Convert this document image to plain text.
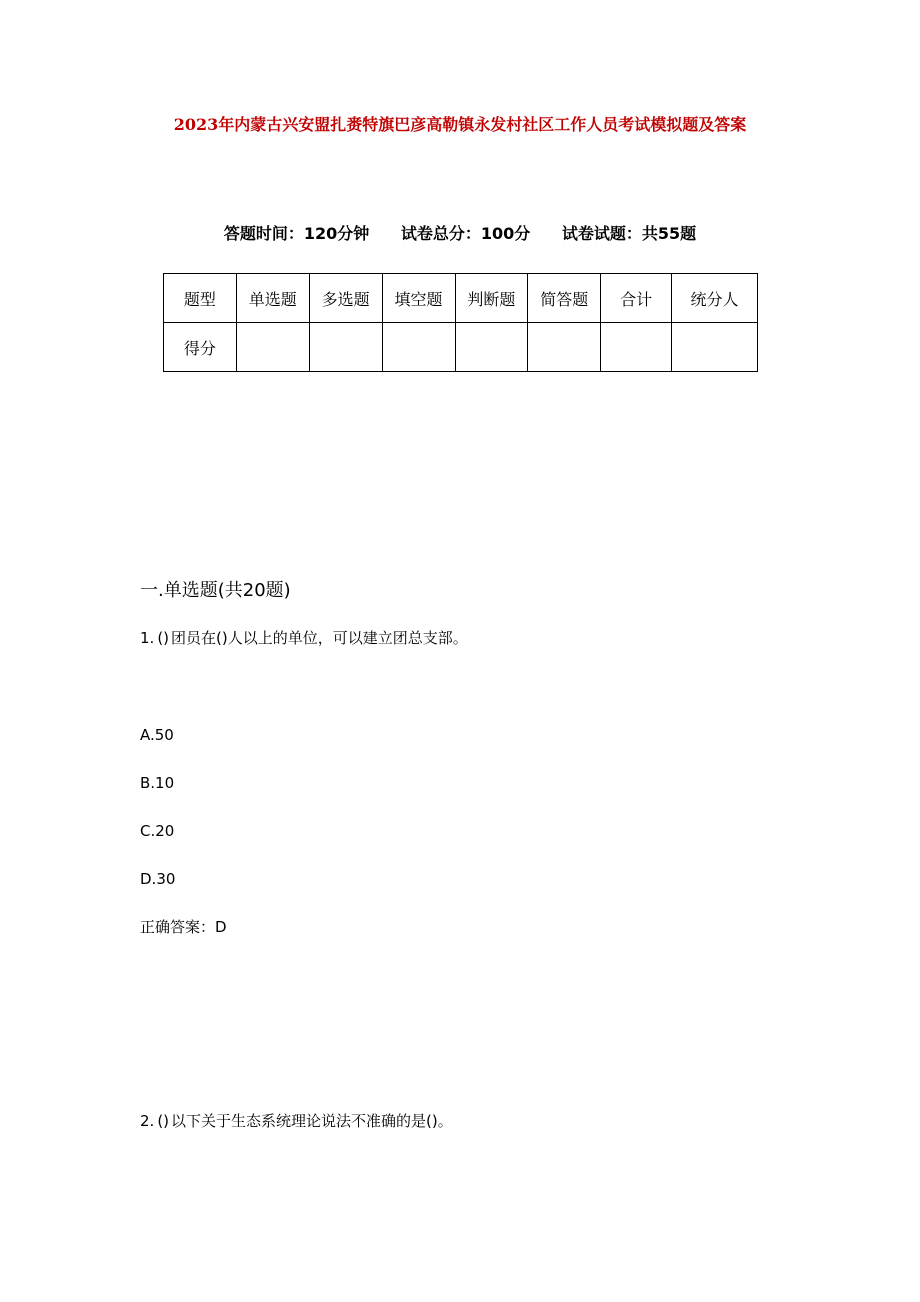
2023年内蒙古兴安盟扎赉特旗巴彦高勒镇永发村社区工作人员考试模拟题及答案
答题时间：120分钟 试卷总分：100分 试卷试题：共55题
题型	单选题	多选题	填空题	判断题	简答题	合计	统分人
得分							
一.单选题(共20题)
1. () 团员在()人以上的单位，可以建立团总支部。
A.50
B.10
C.20
D.30
正确答案：D
2. () 以下关于生态系统理论说法不准确的是()。
